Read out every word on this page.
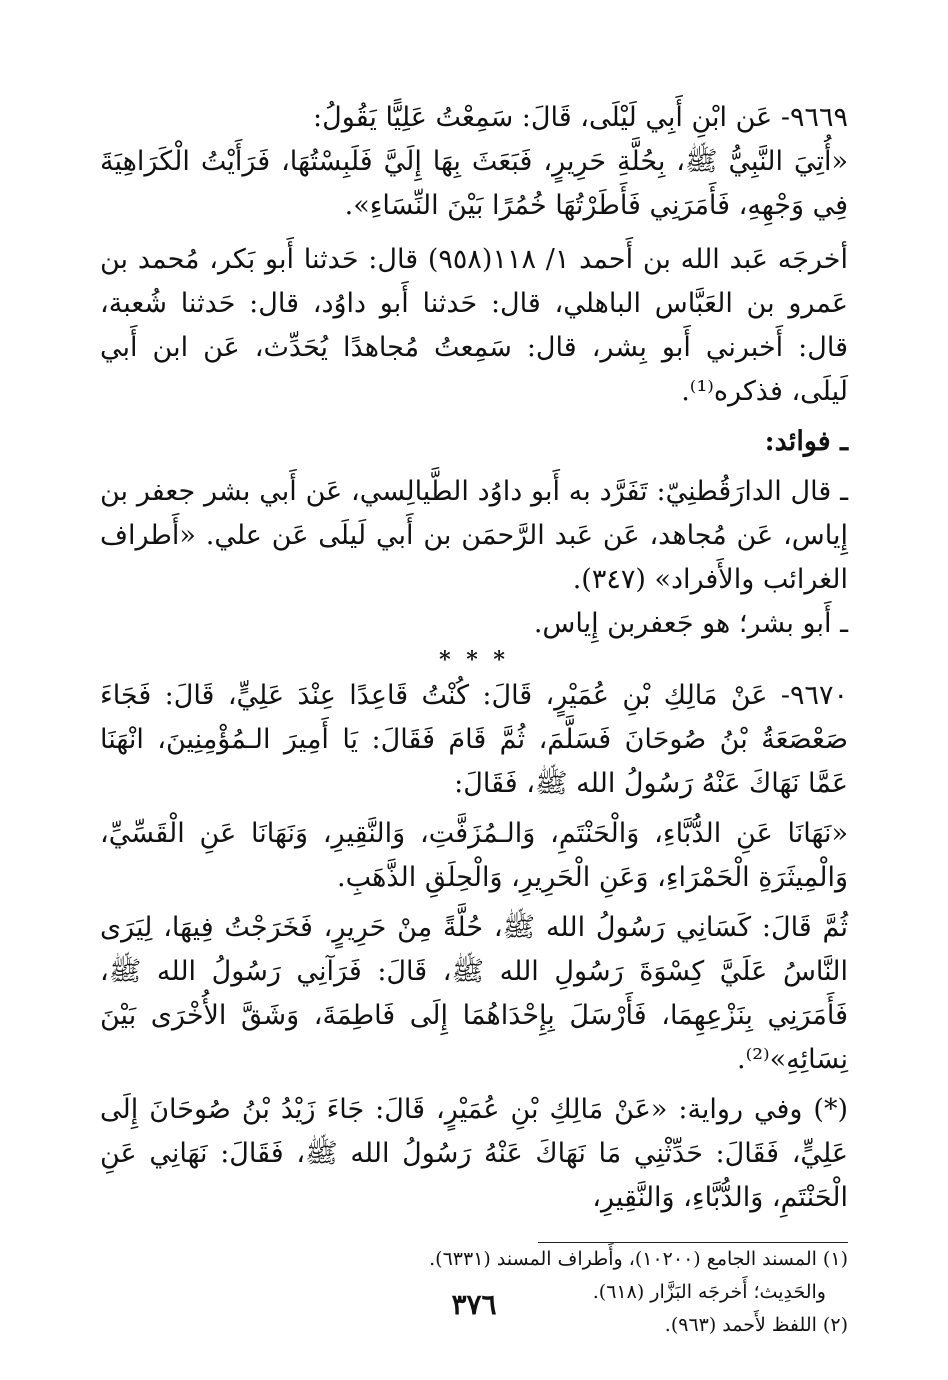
٩٦٦٩- عَن ابْنِ أَبِي لَيْلَى، قَالَ: سَمِعْتُ عَلِيًّا يَقُولُ:

«أُتِيَ النَّبِيُّ ﷺ، بِحُلَّةِ حَرِيرٍ، فَبَعَثَ بِهَا إِلَيَّ فَلَبِسْتُهَا، فَرَأَيْتُ الْكَرَاهِيَةَ فِي وَجْهِهِ، فَأَمَرَنِي فَأَطَرْتُهَا خُمُرًا بَيْنَ النِّسَاءِ».

أخرجَه عَبد الله بن أَحمد ١/ ١١٨(٩٥٨) قال: حَدثنا أَبو بَكر، مُحمد بن عَمرو بن العَبَّاس الباهلي، قال: حَدثنا أَبو داوُد، قال: حَدثنا شُعبة، قال: أَخبرني أَبو بِشر، قال: سَمِعتُ مُجاهدًا يُحَدِّث، عَن ابن أَبي لَيلَى، فذكره⁽¹⁾.

ـ فوائد:

ـ قال الدارَقُطنِيّ: تَفَرَّد به أَبو داوُد الطَّيالِسي، عَن أَبي بشر جعفر بن إِياس، عَن مُجاهد، عَن عَبد الرَّحمَن بن أَبي لَيلَى عَن علي. «أَطراف الغرائب والأَفراد» (٣٤٧).

ـ أَبو بشر؛ هو جَعفربن إِياس.

* * *

٩٦٧٠- عَنْ مَالِكِ بْنِ عُمَيْرٍ، قَالَ: كُنْتُ قَاعِدًا عِنْدَ عَلِيٍّ، قَالَ: فَجَاءَ صَعْصَعَةُ بْنُ صُوحَانَ فَسَلَّمَ، ثُمَّ قَامَ فَقَالَ: يَا أَمِيرَ الـمُؤْمِنِينَ، انْهَنَا عَمَّا نَهَاكَ عَنْهُ رَسُولُ الله ﷺ، فَقَالَ:

«نَهَانَا عَنِ الدُّبَّاءِ، وَالْحَنْتَمِ، وَالـمُزَفَّتِ، وَالنَّقِيرِ، وَنَهَانَا عَنِ الْقَسِّيِّ، وَالْمِيثَرَةِ الْحَمْرَاءِ، وَعَنِ الْحَرِيرِ، وَالْحِلَقِ الذَّهَبِ.

ثُمَّ قَالَ: كَسَانِي رَسُولُ الله ﷺ، حُلَّةً مِنْ حَرِيرٍ، فَخَرَجْتُ فِيهَا، لِيَرَى النَّاسُ عَلَيَّ كِسْوَةَ رَسُولِ الله ﷺ، قَالَ: فَرَآنِي رَسُولُ الله ﷺ، فَأَمَرَنِي بِنَزْعِهِمَا، فَأَرْسَلَ بِإِحْدَاهُمَا إِلَى فَاطِمَةَ، وَشَقَّ الأُخْرَى بَيْنَ نِسَائِهِ»⁽²⁾.

(*) وفي رواية: «عَنْ مَالِكِ بْنِ عُمَيْرٍ، قَالَ: جَاءَ زَيْدُ بْنُ صُوحَانَ إِلَى عَلِيٍّ، فَقَالَ: حَدِّثْنِي مَا نَهَاكَ عَنْهُ رَسُولُ الله ﷺ، فَقَالَ: نَهَانِي عَنِ الْحَنْتَمِ، وَالدُّبَّاءِ، وَالنَّقِيرِ،

(١) المسند الجامع (١٠٢٠٠)، وأَطراف المسند (٦٣٣١).

والحَدِيث؛ أَخرجَه البَزَّار (٦١٨).

(٢) اللفظ لأَحمد (٩٦٣).

٣٧٦
